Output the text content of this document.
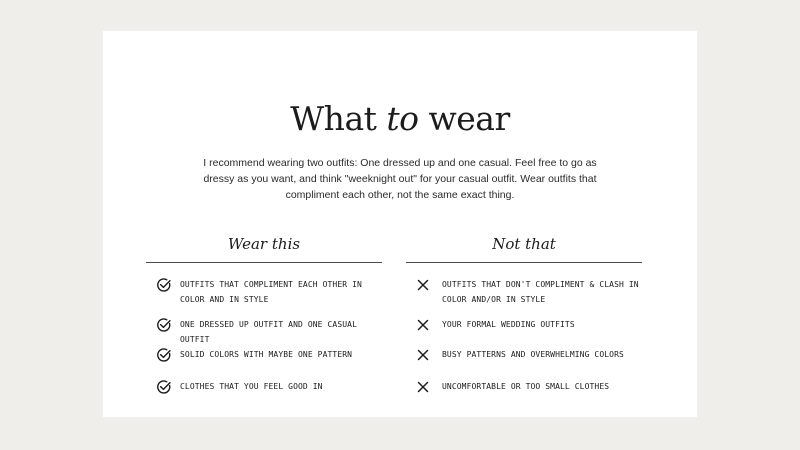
What to wear

I recommend wearing two outfits: One dressed up and one casual. Feel free to go as dressy as you want, and think "weeknight out" for your casual outfit. Wear outfits that compliment each other, not the same exact thing.

Wear this
OUTFITS THAT COMPLIMENT EACH OTHER IN COLOR AND IN STYLE
ONE DRESSED UP OUTFIT AND ONE CASUAL OUTFIT
SOLID COLORS WITH MAYBE ONE PATTERN
CLOTHES THAT YOU FEEL GOOD IN
Not that
OUTFITS THAT DON'T COMPLIMENT & CLASH IN COLOR AND/OR IN STYLE
YOUR FORMAL WEDDING OUTFITS
BUSY PATTERNS AND OVERWHELMING COLORS
UNCOMFORTABLE OR TOO SMALL CLOTHES
